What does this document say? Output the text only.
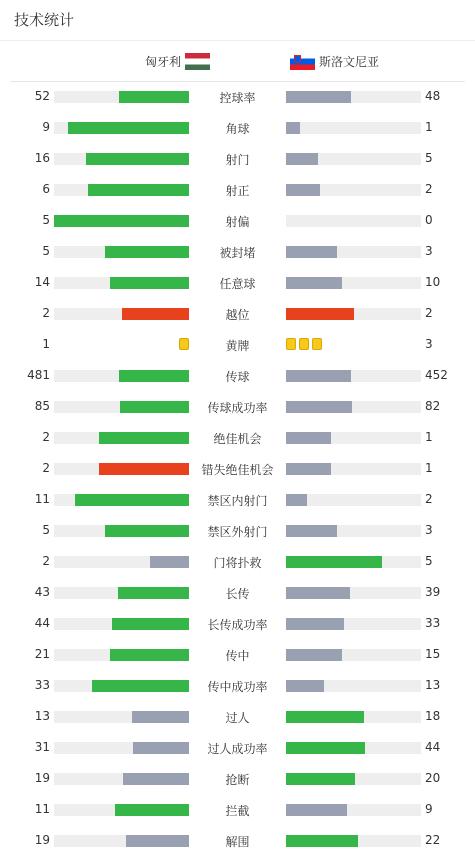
技术统计
匈牙利	斯洛文尼亚
52	控球率	48
9	角球	1
16	射门	5
6	射正	2
5	射偏	0
5	被封堵	3
14	任意球	10
2	越位	2
1	黄牌	3
481	传球	452
85	传球成功率	82
2	绝佳机会	1
2	错失绝佳机会	1
11	禁区内射门	2
5	禁区外射门	3
2	门将扑救	5
43	长传	39
44	长传成功率	33
21	传中	15
33	传中成功率	13
13	过人	18
31	过人成功率	44
19	抢断	20
11	拦截	9
19	解围	22
